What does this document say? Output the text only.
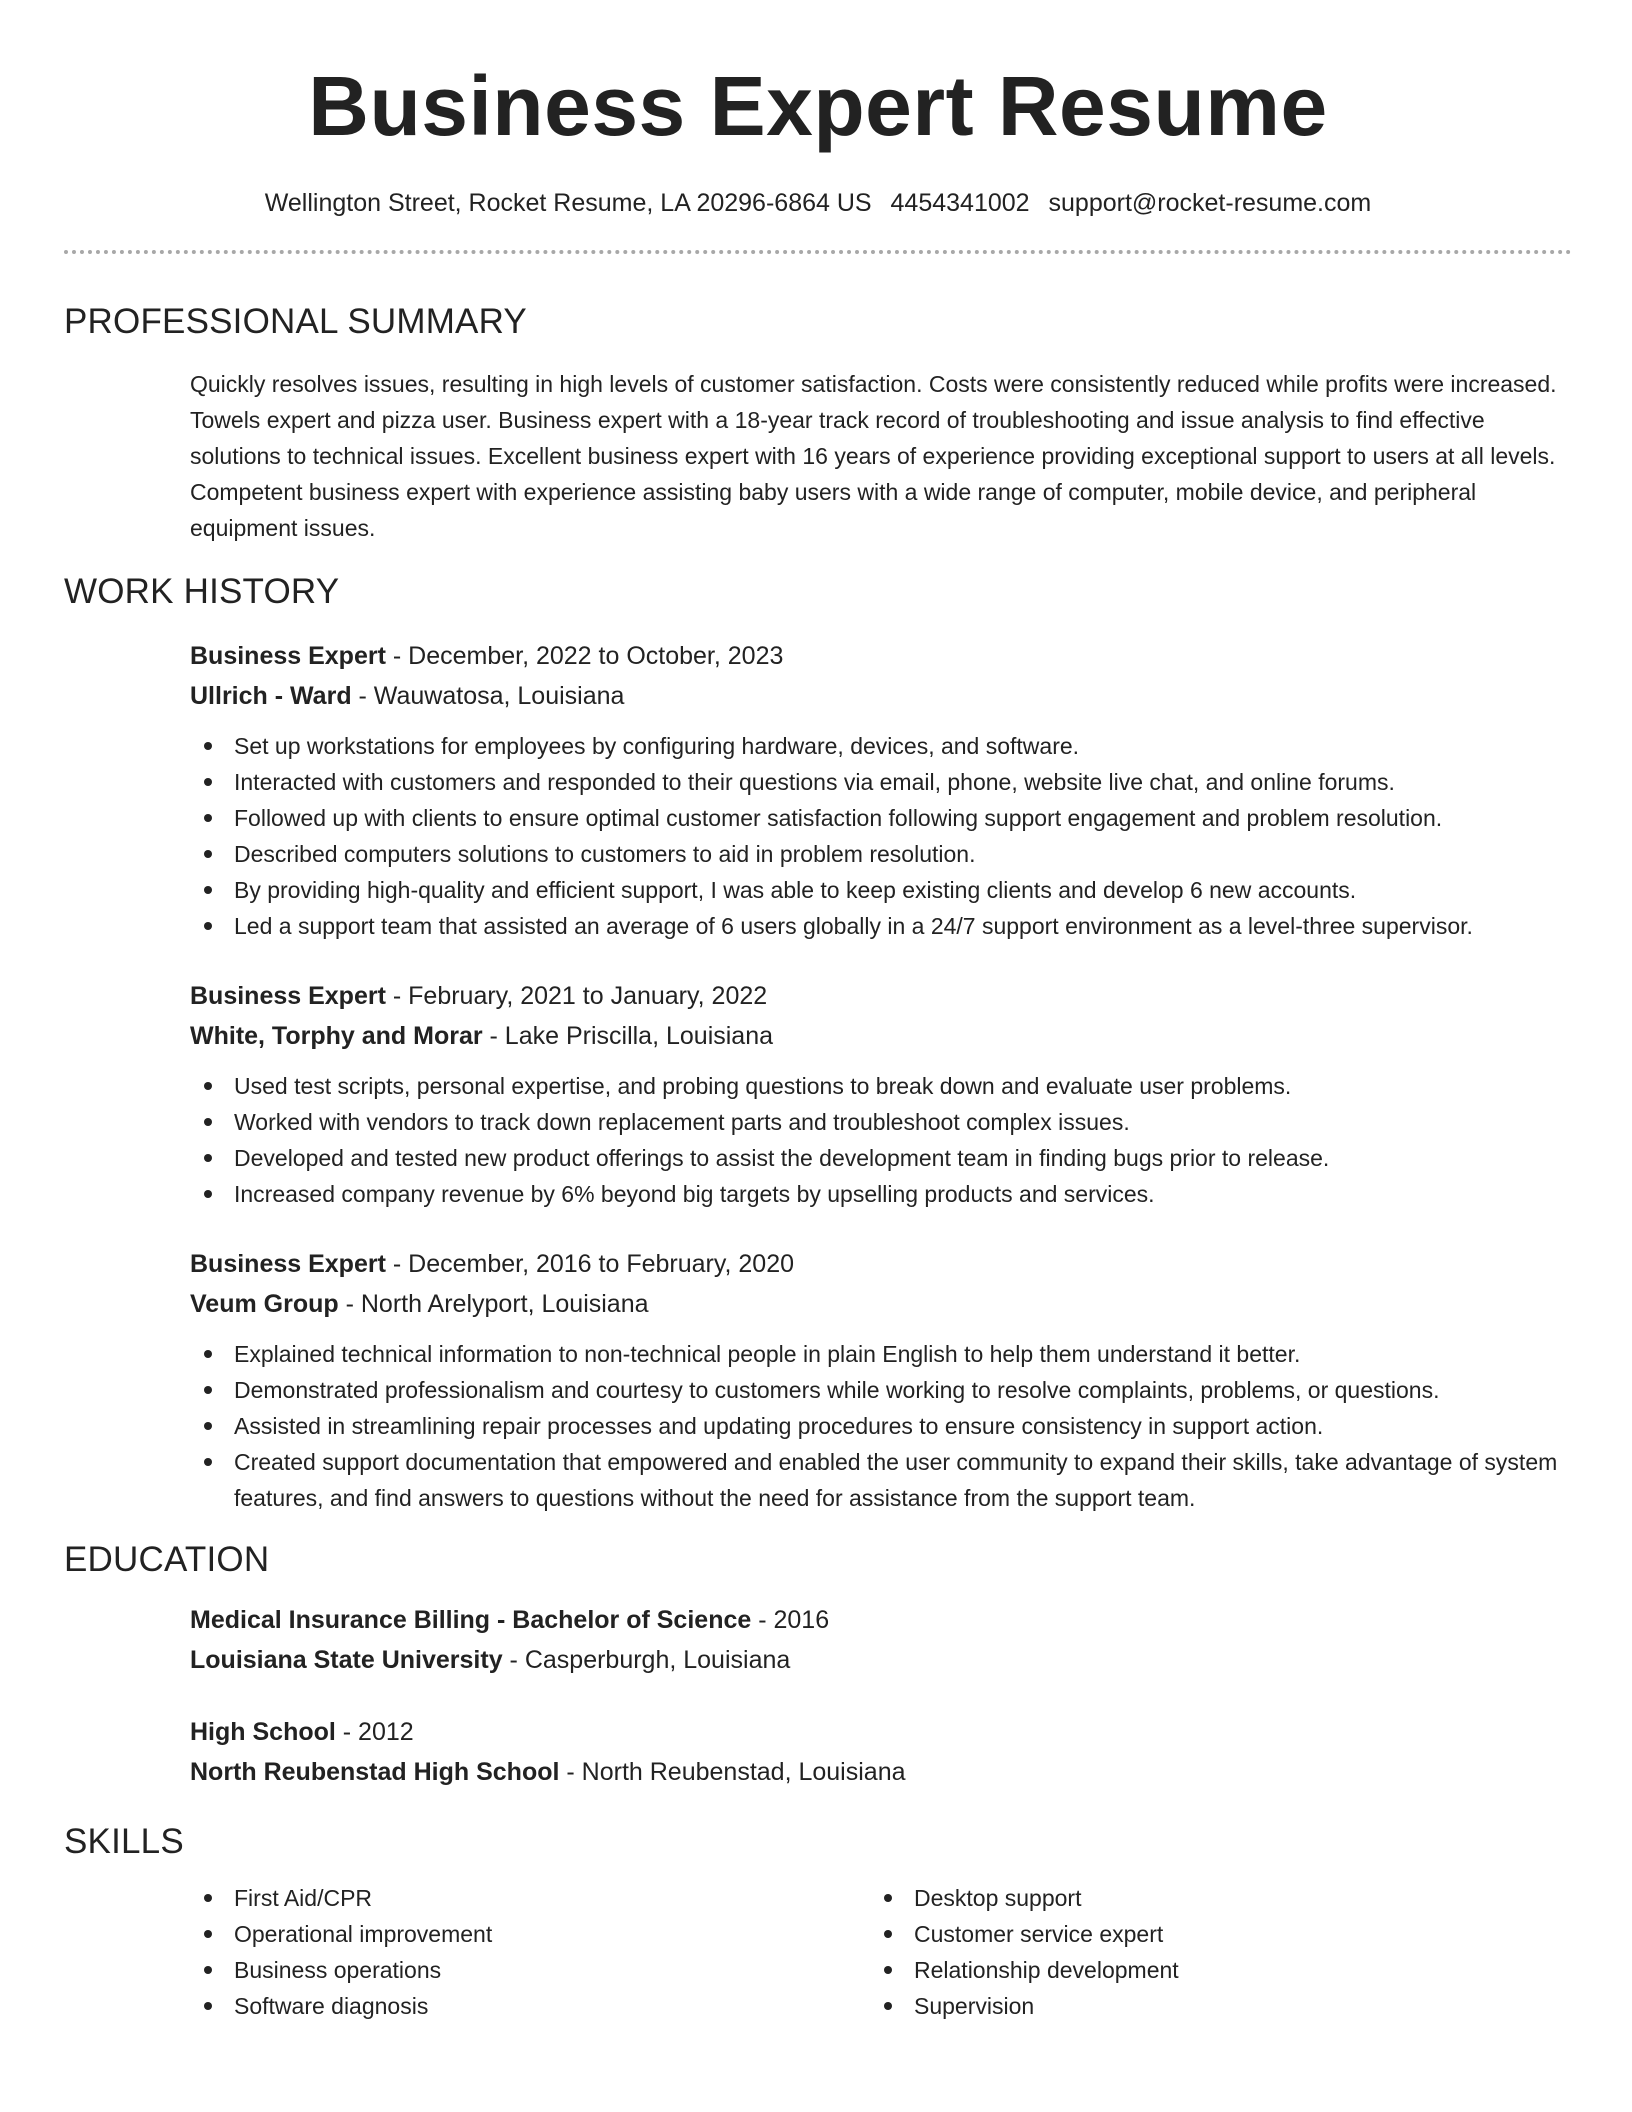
Business Expert Resume
Wellington Street, Rocket Resume, LA 20296-6864 US 4454341002 support@rocket-resume.com
PROFESSIONAL SUMMARY

Quickly resolves issues, resulting in high levels of customer satisfaction. Costs were consistently reduced while profits were increased. Towels expert and pizza user. Business expert with a 18-year track record of troubleshooting and issue analysis to find effective solutions to technical issues. Excellent business expert with 16 years of experience providing exceptional support to users at all levels. Competent business expert with experience assisting baby users with a wide range of computer, mobile device, and peripheral equipment issues.

WORK HISTORY
Business Expert - December, 2022 to October, 2023
Ullrich - Ward - Wauwatosa, Louisiana
Set up workstations for employees by configuring hardware, devices, and software.
Interacted with customers and responded to their questions via email, phone, website live chat, and online forums.
Followed up with clients to ensure optimal customer satisfaction following support engagement and problem resolution.
Described computers solutions to customers to aid in problem resolution.
By providing high-quality and efficient support, I was able to keep existing clients and develop 6 new accounts.
Led a support team that assisted an average of 6 users globally in a 24/7 support environment as a level-three supervisor.
Business Expert - February, 2021 to January, 2022
White, Torphy and Morar - Lake Priscilla, Louisiana
Used test scripts, personal expertise, and probing questions to break down and evaluate user problems.
Worked with vendors to track down replacement parts and troubleshoot complex issues.
Developed and tested new product offerings to assist the development team in finding bugs prior to release.
Increased company revenue by 6% beyond big targets by upselling products and services.
Business Expert - December, 2016 to February, 2020
Veum Group - North Arelyport, Louisiana
Explained technical information to non-technical people in plain English to help them understand it better.
Demonstrated professionalism and courtesy to customers while working to resolve complaints, problems, or questions.
Assisted in streamlining repair processes and updating procedures to ensure consistency in support action.
Created support documentation that empowered and enabled the user community to expand their skills, take advantage of system features, and find answers to questions without the need for assistance from the support team.
EDUCATION
Medical Insurance Billing - Bachelor of Science - 2016
Louisiana State University - Casperburgh, Louisiana
High School - 2012
North Reubenstad High School - North Reubenstad, Louisiana
SKILLS
First Aid/CPR
Operational improvement
Business operations
Software diagnosis
Desktop support
Customer service expert
Relationship development
Supervision
